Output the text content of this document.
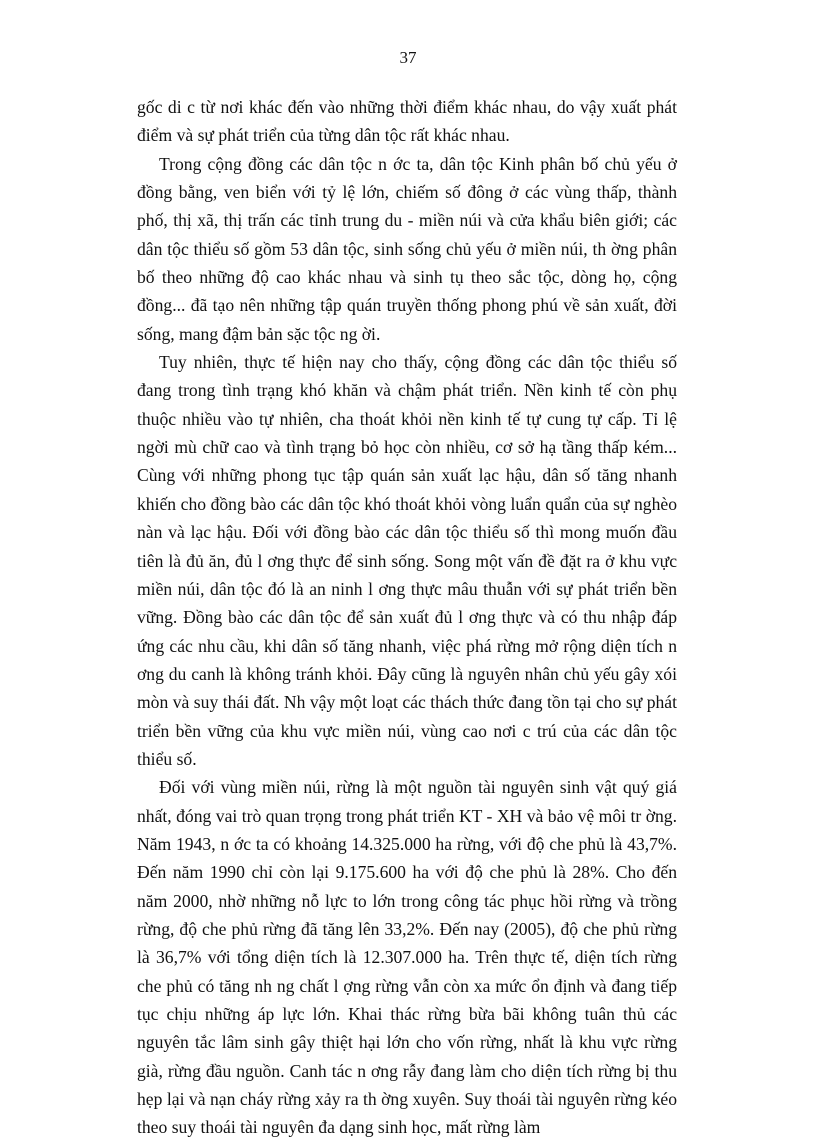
37

gốc di c từ nơi khác đến vào những thời điểm khác nhau, do vậy xuất phát điểm và sự phát triển của từng dân tộc rất khác nhau.

Trong cộng đồng các dân tộc n ớc ta, dân tộc Kinh phân bố chủ yếu ở đồng bằng, ven biển với tỷ lệ lớn, chiếm số đông ở các vùng thấp, thành phố, thị xã, thị trấn các tỉnh trung du - miền núi và cửa khẩu biên giới; các dân tộc thiểu số gồm 53 dân tộc, sinh sống chủ yếu ở miền núi, th ờng phân bố theo những độ cao khác nhau và sinh tụ theo sắc tộc, dòng họ, cộng đồng... đã tạo nên những tập quán truyền thống phong phú về sản xuất, đời sống, mang đậm bản sặc tộc ng ời.

Tuy nhiên, thực tế hiện nay cho thấy, cộng đồng các dân tộc thiểu số đang trong tình trạng khó khăn và chậm phát triển. Nền kinh tế còn phụ thuộc nhiều vào tự nhiên, cha thoát khỏi nền kinh tế tự cung tự cấp. Tỉ lệ ngời mù chữ cao và tình trạng bỏ học còn nhiều, cơ sở hạ tầng thấp kém... Cùng với những phong tục tập quán sản xuất lạc hậu, dân số tăng nhanh khiến cho đồng bào các dân tộc khó thoát khỏi vòng luẩn quẩn của sự nghèo nàn và lạc hậu. Đối với đồng bào các dân tộc thiểu số thì mong muốn đầu tiên là đủ ăn, đủ l ơng thực để sinh sống. Song một vấn đề đặt ra ở khu vực miền núi, dân tộc đó là an ninh l ơng thực mâu thuẫn với sự phát triển bền vững. Đồng bào các dân tộc để sản xuất đủ l ơng thực và có thu nhập đáp ứng các nhu cầu, khi dân số tăng nhanh, việc phá rừng mở rộng diện tích n ơng du canh là không tránh khỏi. Đây cũng là nguyên nhân chủ yếu gây xói mòn và suy thái đất. Nh vậy một loạt các thách thức đang tồn tại cho sự phát triển bền vững của khu vực miền núi, vùng cao nơi c trú của các dân tộc thiểu số.

Đối với vùng miền núi, rừng là một nguồn tài nguyên sinh vật quý giá nhất, đóng vai trò quan trọng trong phát triển KT - XH và bảo vệ môi tr ờng. Năm 1943, n ớc ta có khoảng 14.325.000 ha rừng, với độ che phủ là 43,7%. Đến năm 1990 chỉ còn lại 9.175.600 ha với độ che phủ là 28%. Cho đến năm 2000, nhờ những nỗ lực to lớn trong công tác phục hồi rừng và trồng rừng, độ che phủ rừng đã tăng lên 33,2%. Đến nay (2005), độ che phủ rừng là 36,7% với tổng diện tích là 12.307.000 ha. Trên thực tế, diện tích rừng che phủ có tăng nh ng chất l ợng rừng vẫn còn xa mức ổn định và đang tiếp tục chịu những áp lực lớn. Khai thác rừng bừa bãi không tuân thủ các nguyên tắc lâm sinh gây thiệt hại lớn cho vốn rừng, nhất là khu vực rừng già, rừng đầu nguồn. Canh tác n ơng rẫy đang làm cho diện tích rừng bị thu hẹp lại và nạn cháy rừng xảy ra th ờng xuyên. Suy thoái tài nguyên rừng kéo theo suy thoái tài nguyên đa dạng sinh học, mất rừng làm
